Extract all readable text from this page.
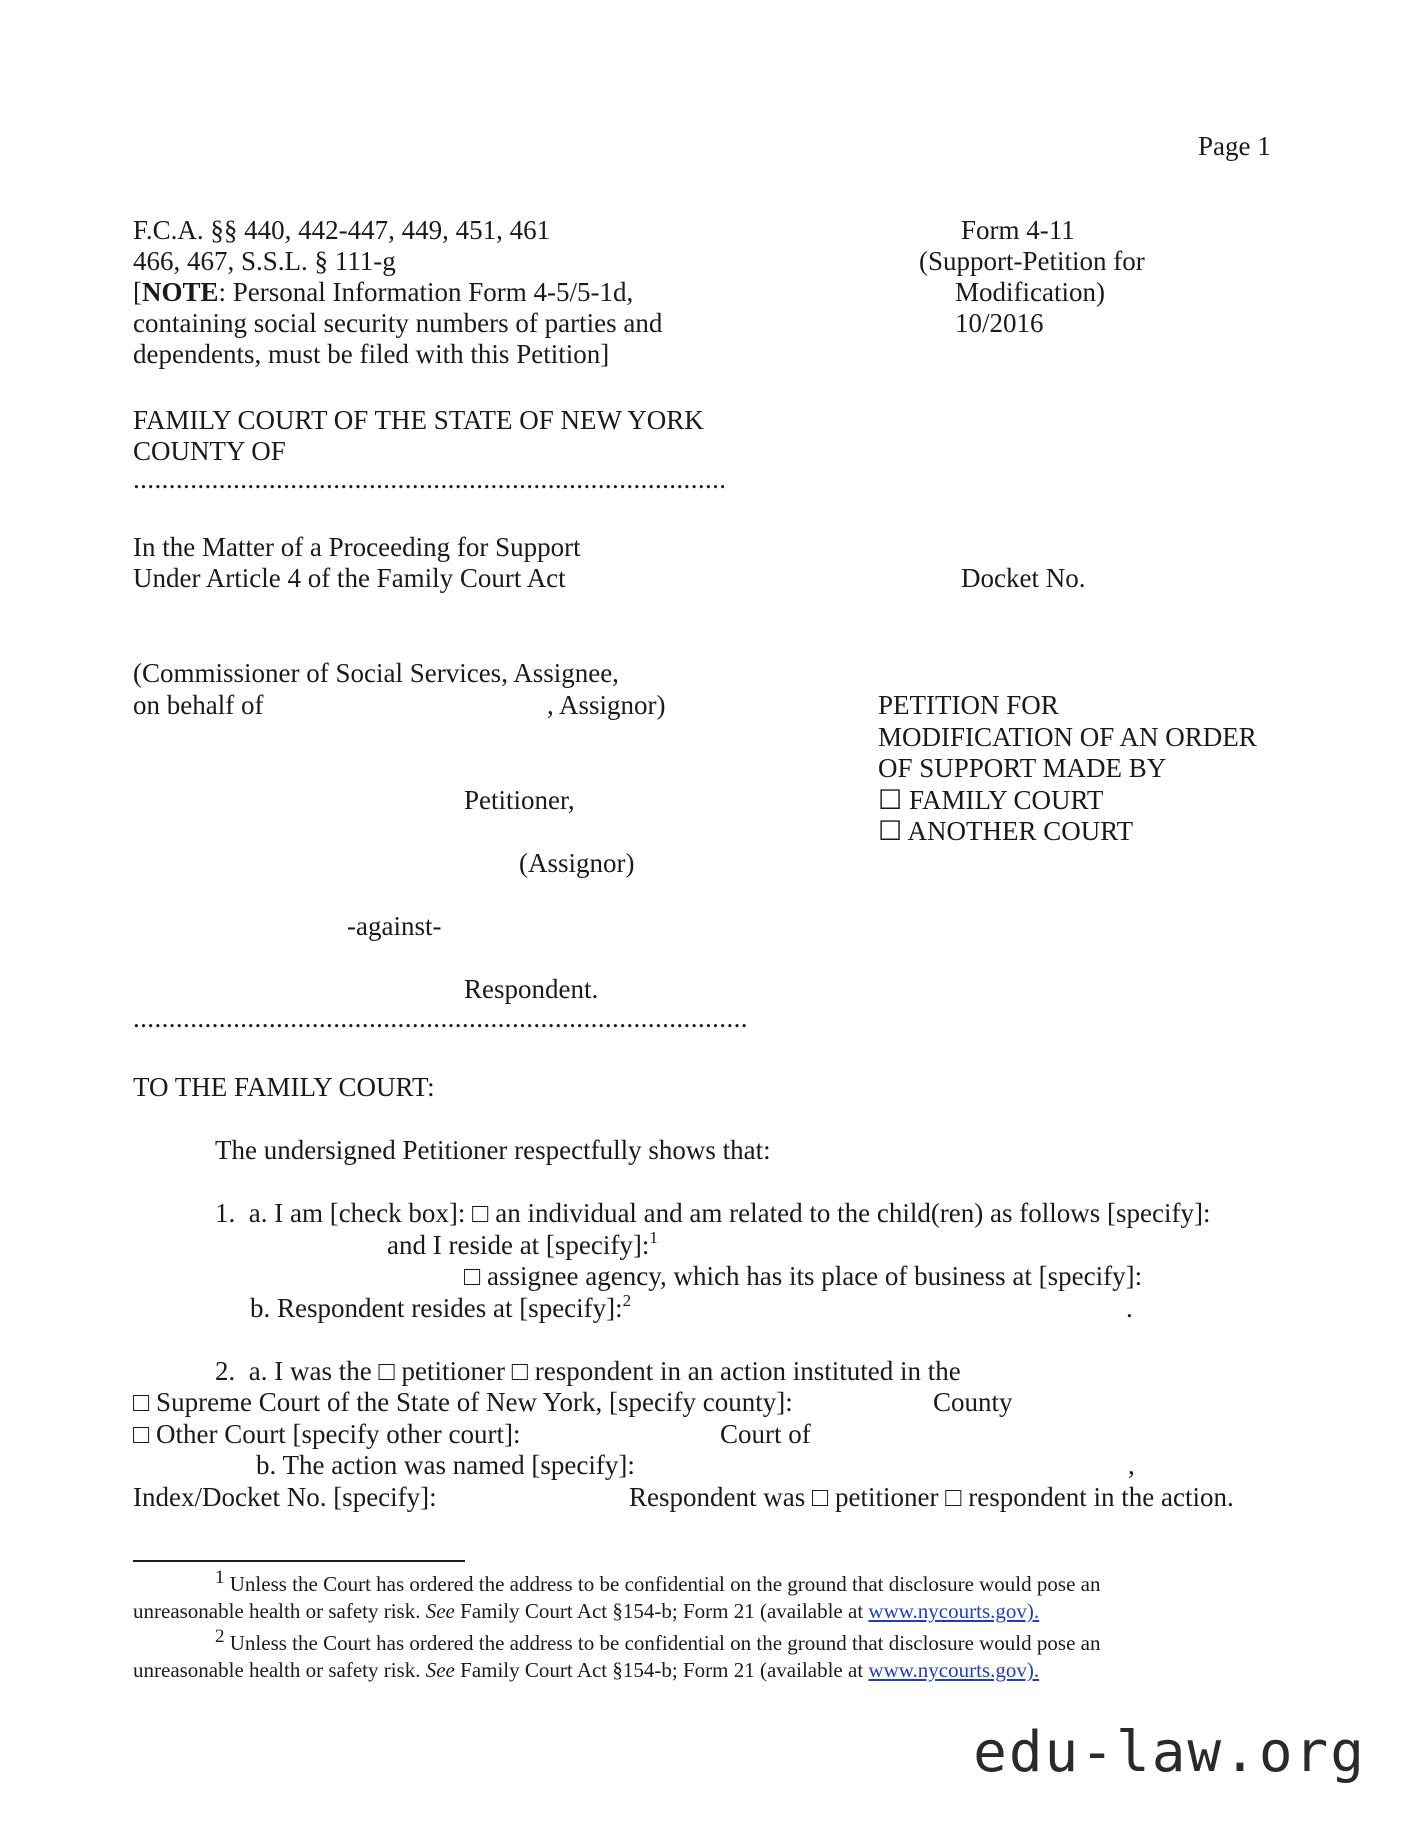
Page 1
F.C.A. §§ 440, 442-447, 449, 451, 461
466, 467, S.S.L. § 111-g
[NOTE: Personal Information Form 4-5/5-1d,
containing social security numbers of parties and
dependents, must be filed with this Petition]
Form 4-11
(Support-Petition for
Modification)
10/2016
FAMILY COURT OF THE STATE OF NEW YORK
COUNTY OF
...................................................................................
In the Matter of a Proceeding for Support
Under Article 4 of the Family Court Act	Docket No.
(Commissioner of Social Services, Assignee,
on behalf of	, Assignor)
Petitioner,
(Assignor)
-against-
Respondent.
......................................................................................
PETITION FOR
MODIFICATION OF AN ORDER
OF SUPPORT MADE BY
☐ FAMILY COURT
☐ ANOTHER COURT
TO THE FAMILY COURT:
The undersigned Petitioner respectfully shows that:
1.  a. I am [check box]: □ an individual and am related to the child(ren) as follows [specify]:
and I reside at [specify]:$^1$
□ assignee agency, which has its place of business at [specify]:
b. Respondent resides at [specify]:$^2$	.
2.  a. I was the □ petitioner □ respondent in an action instituted in the
□ Supreme Court of the State of New York, [specify county]:	County
□ Other Court [specify other court]:	Court of
b. The action was named [specify]:	,
Index/Docket No. [specify]:	Respondent was □ petitioner □ respondent in the action.
1 Unless the Court has ordered the address to be confidential on the ground that disclosure would pose an
unreasonable health or safety risk. See Family Court Act §154-b; Form 21 (available at www.nycourts.gov).
2 Unless the Court has ordered the address to be confidential on the ground that disclosure would pose an
unreasonable health or safety risk. See Family Court Act §154-b; Form 21 (available at www.nycourts.gov).
edu-law.org
